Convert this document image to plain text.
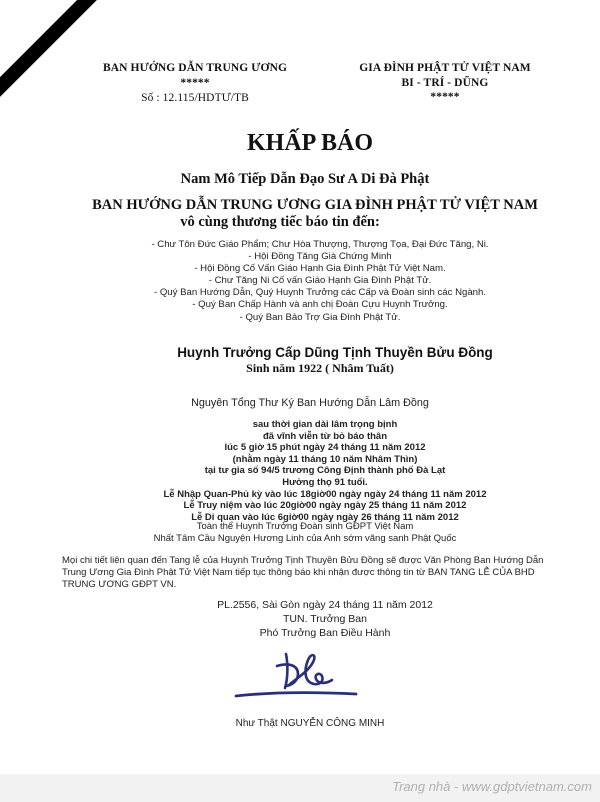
BAN HƯỚNG DẪN TRUNG ƯƠNG
*****
Số : 12.115/HDTƯ/TB
GIA ĐÌNH PHẬT TỬ VIỆT NAM
BI - TRÍ - DŨNG
*****
KHẤP BÁO
Nam Mô Tiếp Dẫn Đạo Sư A Di Đà Phật
BAN HƯỚNG DẪN TRUNG ƯƠNG GIA ĐÌNH PHẬT TỬ VIỆT NAM
vô cùng thương tiếc báo tin đến:
- Chư Tôn Đức Giáo Phẩm; Chư Hòa Thượng, Thượng Tọa, Đại Đức Tăng, Ni.
- Hội Đồng Tăng Già Chứng Minh
- Hội Đồng Cố Vấn Giáo Hạnh Gia Đình Phật Tử Việt Nam.
- Chư Tăng Ni Cố vấn Giáo Hạnh Gia Đình Phật Tử.
- Quý Ban Hướng Dẫn, Quý Huynh Trưởng các Cấp và Đoàn sinh các Ngành.
- Quý Ban Chấp Hành và anh chị Đoàn Cựu Huynh Trưởng.
- Quý Ban Bảo Trợ Gia Đình Phật Tử.
Huynh Trưởng Cấp Dũng Tịnh Thuyền Bửu Đồng
Sinh năm 1922 ( Nhâm Tuất)
Nguyên Tổng Thư Ký Ban Hướng Dẫn Lâm Đồng
sau thời gian dài lâm trọng bịnh
đã vĩnh viễn từ bỏ báo thân
lúc 5 giờ 15 phút ngày 24 tháng 11 năm 2012
(nhằm ngày 11 tháng 10 năm Nhâm Thìn)
tại tư gia số 94/5 trương Công Định thành phố Đà Lạt
Hưởng thọ 91 tuổi.
Lễ Nhập Quan-Phủ kỳ vào lúc 18giờ00 ngày ngày 24 tháng 11 năm 2012
Lễ Truy niệm vào lúc 20giờ00 ngày ngày 25 tháng 11 năm 2012
Lễ Di quan vào lúc 6giờ00 ngày ngày 26 tháng 11 năm 2012
Toàn thể Huynh Trưởng Đoàn sinh GĐPT Việt Nam
Nhất Tâm Cầu Nguyện Hương Linh của Anh sớm vãng sanh Phật Quốc
Mọi chi tiết liên quan đến Tang lễ của Huynh Trưởng Tịnh Thuyền Bửu Đồng sẽ được Văn Phòng Ban Hướng Dẫn Trung Ương Gia Đình Phật Tử Việt Nam tiếp tục thông báo khi nhận được thông tin từ BAN TANG LỄ CỦA BHD TRUNG ƯƠNG GĐPT VN.
PL.2556, Sài Gòn ngày 24 tháng 11 năm 2012
TUN. Trưởng Ban
Phó Trưởng Ban Điều Hành
Như Thật NGUYỄN CÔNG MINH
Trang nhà - www.gdptvietnam.com
